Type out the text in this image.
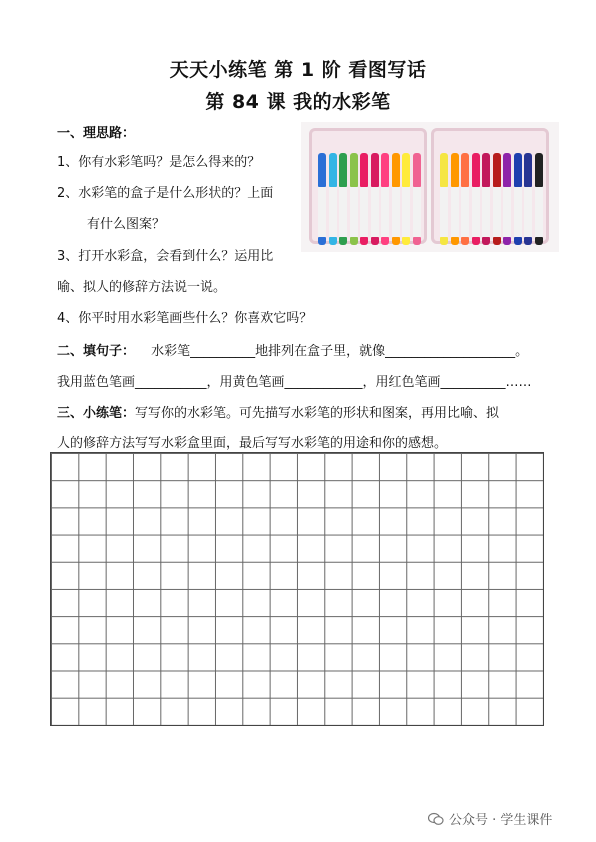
天天小练笔 第 1 阶 看图写话
第 84 课 我的水彩笔
一、理思路：
1、你有水彩笔吗？是怎么得来的？
2、水彩笔的盒子是什么形状的？上面
有什么图案？
3、打开水彩盒，会看到什么？运用比
喻、拟人的修辞方法说一说。
4、你平时用水彩笔画些什么？你喜欢它吗？
二、填句子： 水彩笔__________地排列在盒子里，就像____________________。
我用蓝色笔画___________，用黄色笔画____________，用红色笔画__________……
三、小练笔：写写你的水彩笔。可先描写水彩笔的形状和图案，再用比喻、拟
人的修辞方法写写水彩盒里面，最后写写水彩笔的用途和你的感想。
公众号 · 学生课件
